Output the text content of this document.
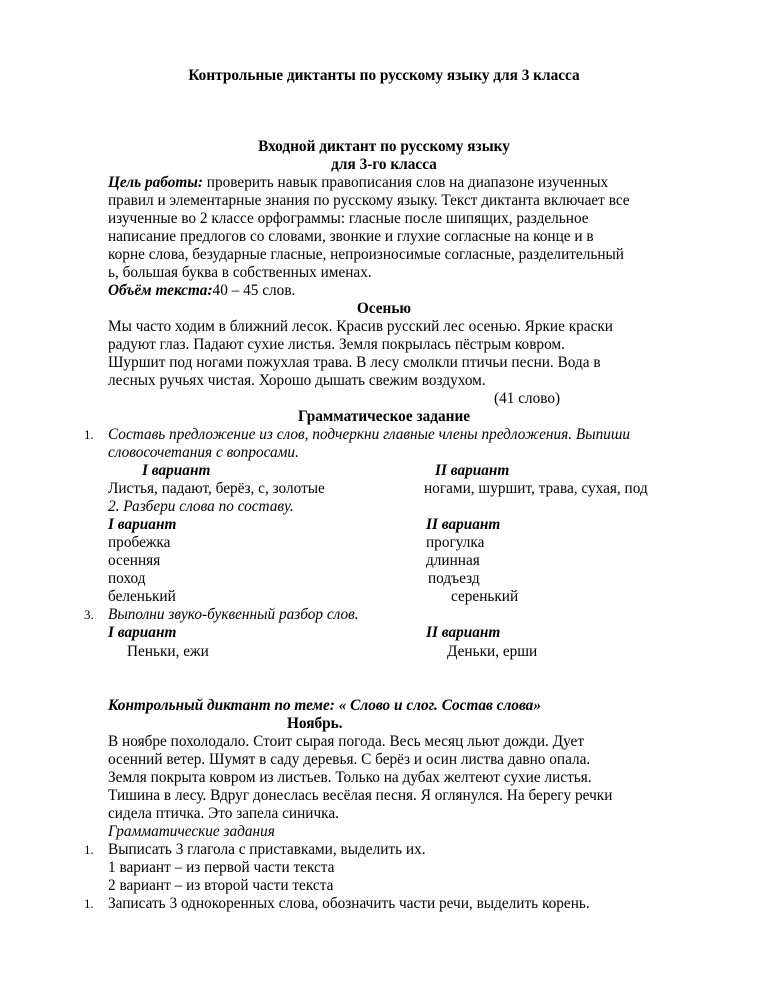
Контрольные диктанты по русскому языку для 3 класса
Входной диктант по русскому языку
для 3-го класса
Цель работы: проверить навык правописания слов на диапазоне изученных
правил и элементарные знания по русскому языку. Текст диктанта включает все
изученные во 2 классе орфограммы: гласные после шипящих, раздельное
написание предлогов со словами, звонкие и глухие согласные на конце и в
корне слова, безударные гласные, непроизносимые согласные, разделительный
ь, большая буква в собственных именах.
Объём текста:40 – 45 слов.
Осенью
Мы часто ходим в ближний лесок. Красив русский лес осенью. Яркие краски
радуют глаз. Падают сухие листья. Земля покрылась пёстрым ковром.
Шуршит под ногами пожухлая трава. В лесу смолкли птичьи песни. Вода в
лесных ручьях чистая. Хорошо дышать свежим воздухом.
(41 слово)
Грамматическое задание
1. Составь предложение из слов, подчеркни главные члены предложения. Выпиши
словосочетания с вопросами.
I вариант	II вариант
Листья, падают, берёз, с, золотые	ногами, шуршит, трава, сухая, под
2. Разбери слова по составу.
I вариант	II вариант
пробежка	прогулка
осенняя	длинная
поход	подъезд
беленький	серенький
3. Выполни звуко-буквенный разбор слов.
I вариант	II вариант
Пеньки, ежи	Деньки, ерши
Контрольный диктант по теме: « Слово и слог. Состав слова»
Ноябрь.
В ноябре похолодало. Стоит сырая погода. Весь месяц льют дожди. Дует
осенний ветер. Шумят в саду деревья. С берёз и осин листва давно опала.
Земля покрыта ковром из листьев. Только на дубах желтеют сухие листья.
Тишина в лесу. Вдруг донеслась весёлая песня. Я оглянулся. На берегу речки
сидела птичка. Это запела синичка.
Грамматические задания
1. Выписать 3 глагола с приставками, выделить их.
1 вариант – из первой части текста
2 вариант – из второй части текста
1. Записать 3 однокоренных слова, обозначить части речи, выделить корень.
